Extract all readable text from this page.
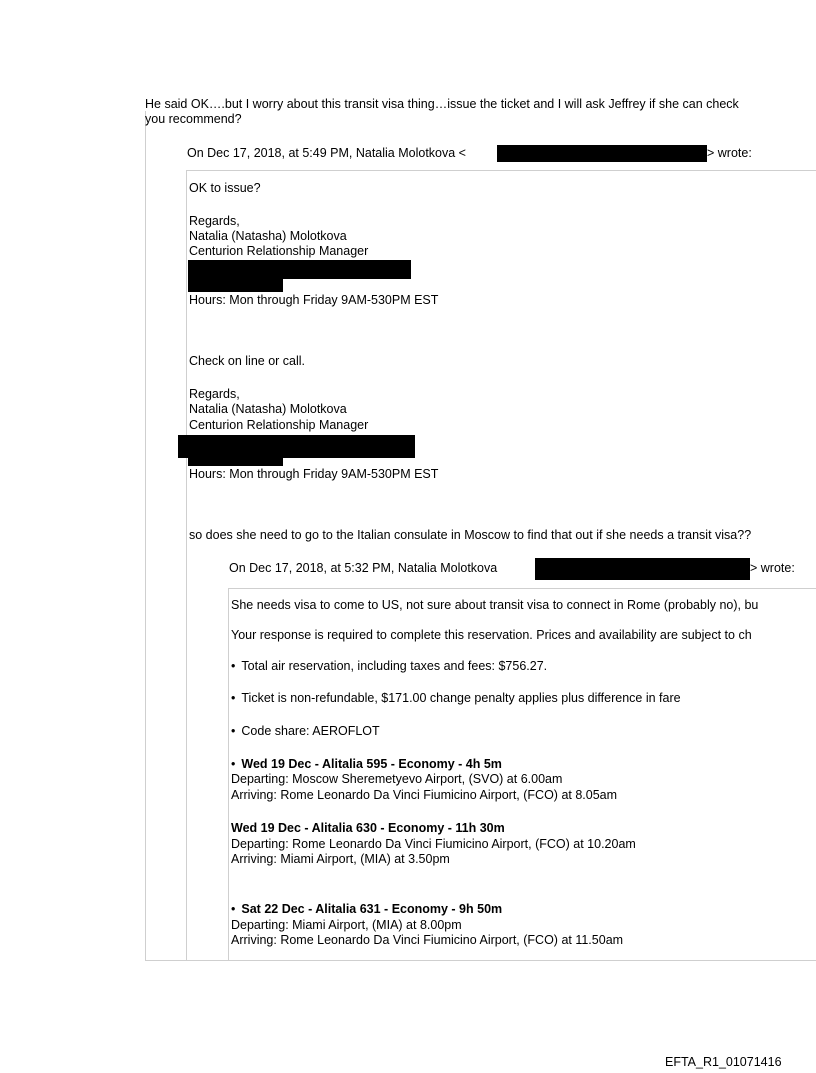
He said OK….but I worry about this transit visa thing…issue the ticket and I will ask Jeffrey if she can check
you recommend?
On Dec 17, 2018, at 5:49 PM, Natalia Molotkova <	> wrote:
OK to issue?
Regards,
Natalia (Natasha) Molotkova
Centurion Relationship Manager
Hours: Mon through Friday 9AM-530PM EST
Check on line or call.
Regards,
Natalia (Natasha) Molotkova
Centurion Relationship Manager
Hours: Mon through Friday 9AM-530PM EST
so does she need to go to the Italian consulate in Moscow to find that out if she needs a transit visa??
On Dec 17, 2018, at 5:32 PM, Natalia Molotkova	> wrote:
She needs visa to come to US, not sure about transit visa to connect in Rome (probably no), bu
Your response is required to complete this reservation. Prices and availability are subject to ch
• Total air reservation, including taxes and fees: $756.27.
• Ticket is non-refundable, $171.00 change penalty applies plus difference in fare
• Code share: AEROFLOT
• Wed 19 Dec - Alitalia 595 - Economy - 4h 5m
Departing: Moscow Sheremetyevo Airport, (SVO) at 6.00am
Arriving: Rome Leonardo Da Vinci Fiumicino Airport, (FCO) at 8.05am
Wed 19 Dec - Alitalia 630 - Economy - 11h 30m
Departing: Rome Leonardo Da Vinci Fiumicino Airport, (FCO) at 10.20am
Arriving: Miami Airport, (MIA) at 3.50pm
• Sat 22 Dec - Alitalia 631 - Economy - 9h 50m
Departing: Miami Airport, (MIA) at 8.00pm
Arriving: Rome Leonardo Da Vinci Fiumicino Airport, (FCO) at 11.50am
EFTA_R1_01071416
